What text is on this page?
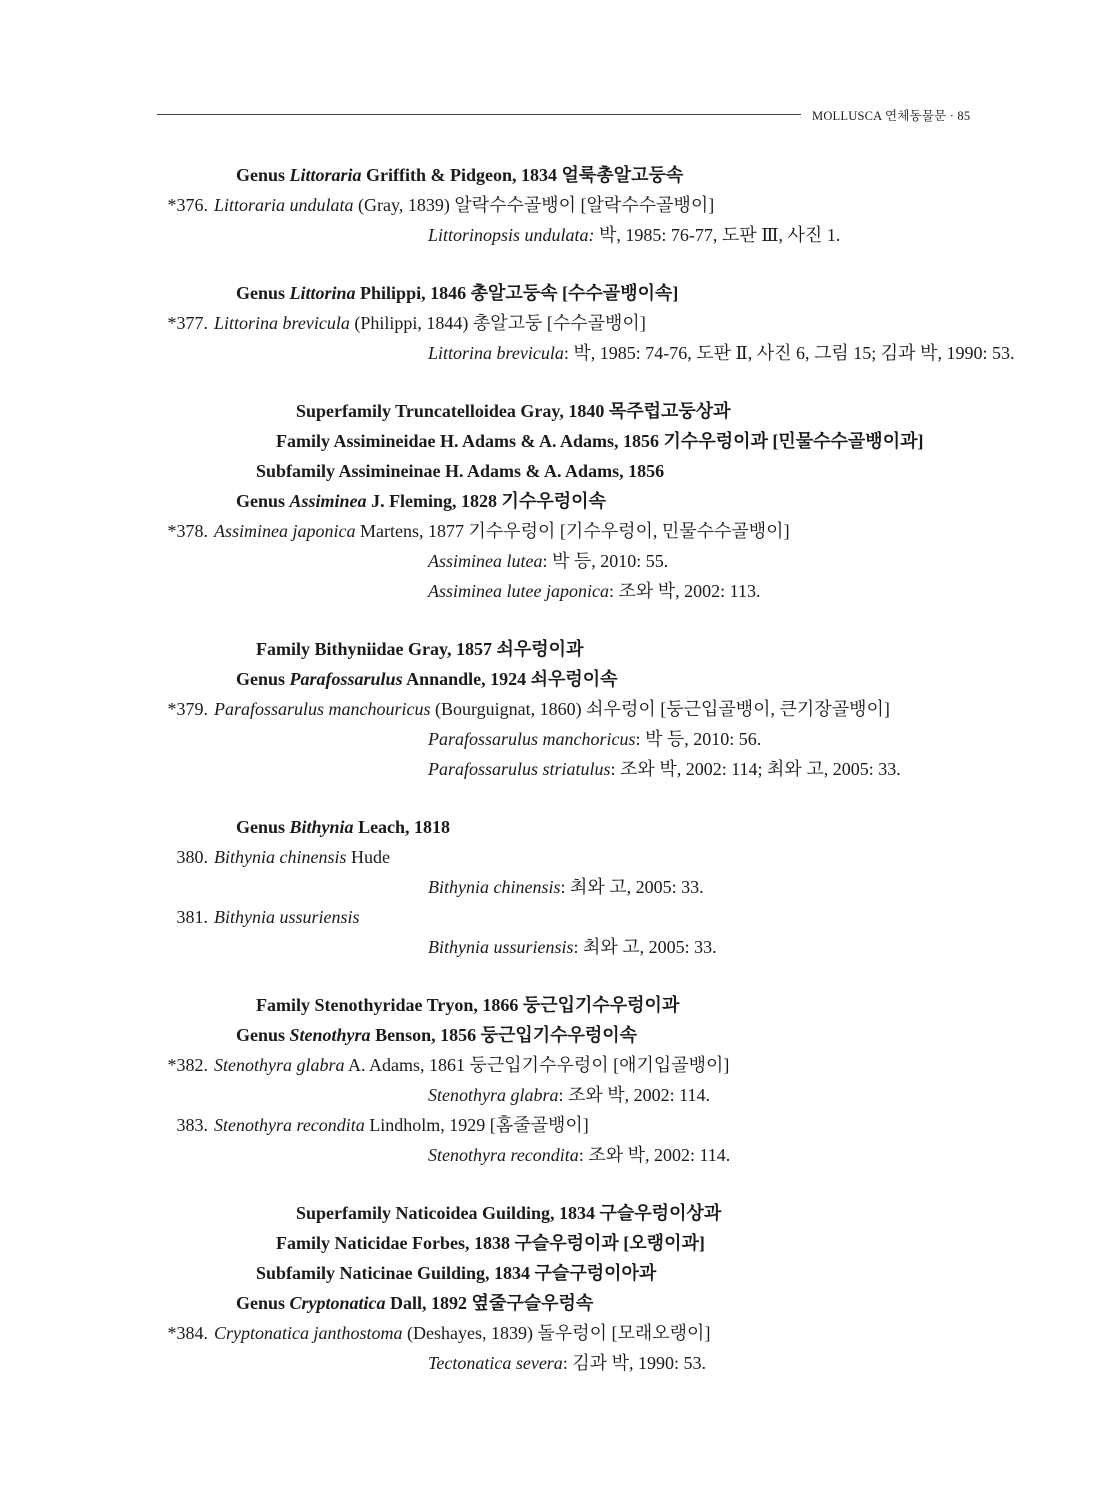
MOLLUSCA 연체동물문 · 85
Genus Littoraria Griffith & Pidgeon, 1834 얼룩총알고둥속
*376. Littoraria undulata (Gray, 1839) 알락수수골뱅이 [알락수수골뱅이]
Littorinopsis undulata: 박, 1985: 76-77, 도판 Ⅲ, 사진 1.
Genus Littorina Philippi, 1846 총알고둥속 [수수골뱅이속]
*377. Littorina brevicula (Philippi, 1844) 총알고둥 [수수골뱅이]
Littorina brevicula: 박, 1985: 74-76, 도판 Ⅱ, 사진 6, 그림 15; 김과 박, 1990: 53.
Superfamily Truncatelloidea Gray, 1840 목주럽고둥상과
Family Assimineidae H. Adams & A. Adams, 1856 기수우렁이과 [민물수수골뱅이과]
Subfamily Assimineinae H. Adams & A. Adams, 1856
Genus Assiminea J. Fleming, 1828 기수우렁이속
*378. Assiminea japonica Martens, 1877 기수우렁이 [기수우렁이, 민물수수골뱅이]
Assiminea lutea: 박 등, 2010: 55.
Assiminea lutee japonica: 조와 박, 2002: 113.
Family Bithyniidae Gray, 1857 쇠우렁이과
Genus Parafossarulus Annandle, 1924 쇠우렁이속
*379. Parafossarulus manchouricus (Bourguignat, 1860) 쇠우렁이 [둥근입골뱅이, 큰기장골뱅이]
Parafossarulus manchoricus: 박 등, 2010: 56.
Parafossarulus striatulus: 조와 박, 2002: 114; 최와 고, 2005: 33.
Genus Bithynia Leach, 1818
380. Bithynia chinensis Hude
Bithynia chinensis: 최와 고, 2005: 33.
381. Bithynia ussuriensis
Bithynia ussuriensis: 최와 고, 2005: 33.
Family Stenothyridae Tryon, 1866 둥근입기수우렁이과
Genus Stenothyra Benson, 1856 둥근입기수우렁이속
*382. Stenothyra glabra A. Adams, 1861 둥근입기수우렁이 [애기입골뱅이]
Stenothyra glabra: 조와 박, 2002: 114.
383. Stenothyra recondita Lindholm, 1929 [홈줄골뱅이]
Stenothyra recondita: 조와 박, 2002: 114.
Superfamily Naticoidea Guilding, 1834 구슬우렁이상과
Family Naticidae Forbes, 1838 구슬우렁이과 [오랭이과]
Subfamily Naticinae Guilding, 1834 구슬구렁이아과
Genus Cryptonatica Dall, 1892 옆줄구슬우렁속
*384. Cryptonatica janthostoma (Deshayes, 1839) 돌우렁이 [모래오랭이]
Tectonatica severa: 김과 박, 1990: 53.
